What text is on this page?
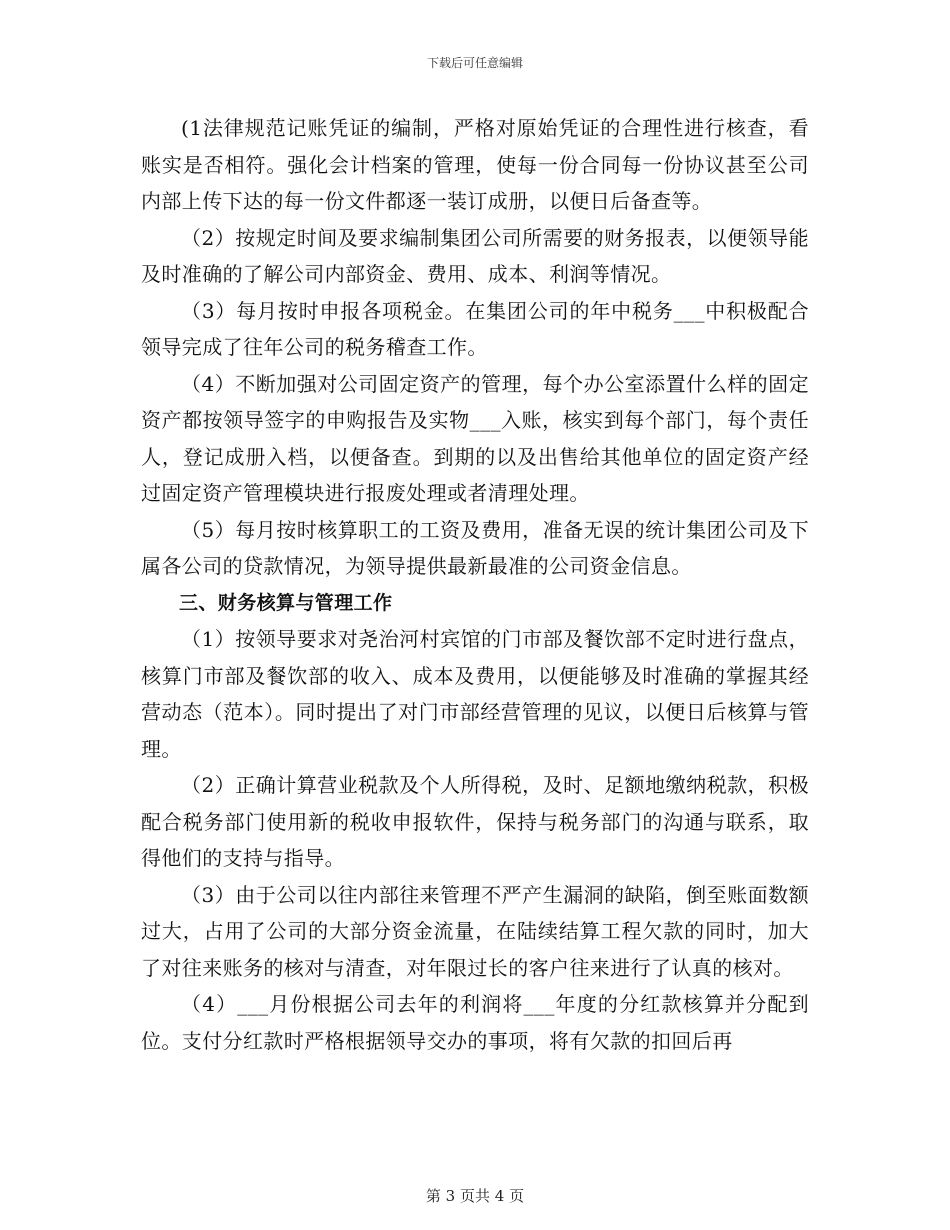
下载后可任意编辑

(1法律规范记账凭证的编制，严格对原始凭证的合理性进行核查，看账实是否相符。强化会计档案的管理，使每一份合同每一份协议甚至公司内部上传下达的每一份文件都逐一装订成册，以便日后备查等。

（2）按规定时间及要求编制集团公司所需要的财务报表，以便领导能及时准确的了解公司内部资金、费用、成本、利润等情况。

（3）每月按时申报各项税金。在集团公司的年中税务___中积极配合领导完成了往年公司的税务稽查工作。

（4）不断加强对公司固定资产的管理，每个办公室添置什么样的固定资产都按领导签字的申购报告及实物___入账，核实到每个部门，每个责任人，登记成册入档，以便备查。到期的以及出售给其他单位的固定资产经过固定资产管理模块进行报废处理或者清理处理。

（5）每月按时核算职工的工资及费用，准备无误的统计集团公司及下属各公司的贷款情况，为领导提供最新最准的公司资金信息。

三、财务核算与管理工作

（1）按领导要求对尧治河村宾馆的门市部及餐饮部不定时进行盘点，核算门市部及餐饮部的收入、成本及费用，以便能够及时准确的掌握其经营动态（范本）。同时提出了对门市部经营管理的见议，以便日后核算与管理。

（2）正确计算营业税款及个人所得税，及时、足额地缴纳税款，积极配合税务部门使用新的税收申报软件，保持与税务部门的沟通与联系，取得他们的支持与指导。

（3）由于公司以往内部往来管理不严产生漏洞的缺陷，倒至账面数额过大，占用了公司的大部分资金流量，在陆续结算工程欠款的同时，加大了对往来账务的核对与清查，对年限过长的客户往来进行了认真的核对。

（4）___月份根据公司去年的利润将___年度的分红款核算并分配到位。支付分红款时严格根据领导交办的事项，将有欠款的扣回后再

第 3 页共 4 页
